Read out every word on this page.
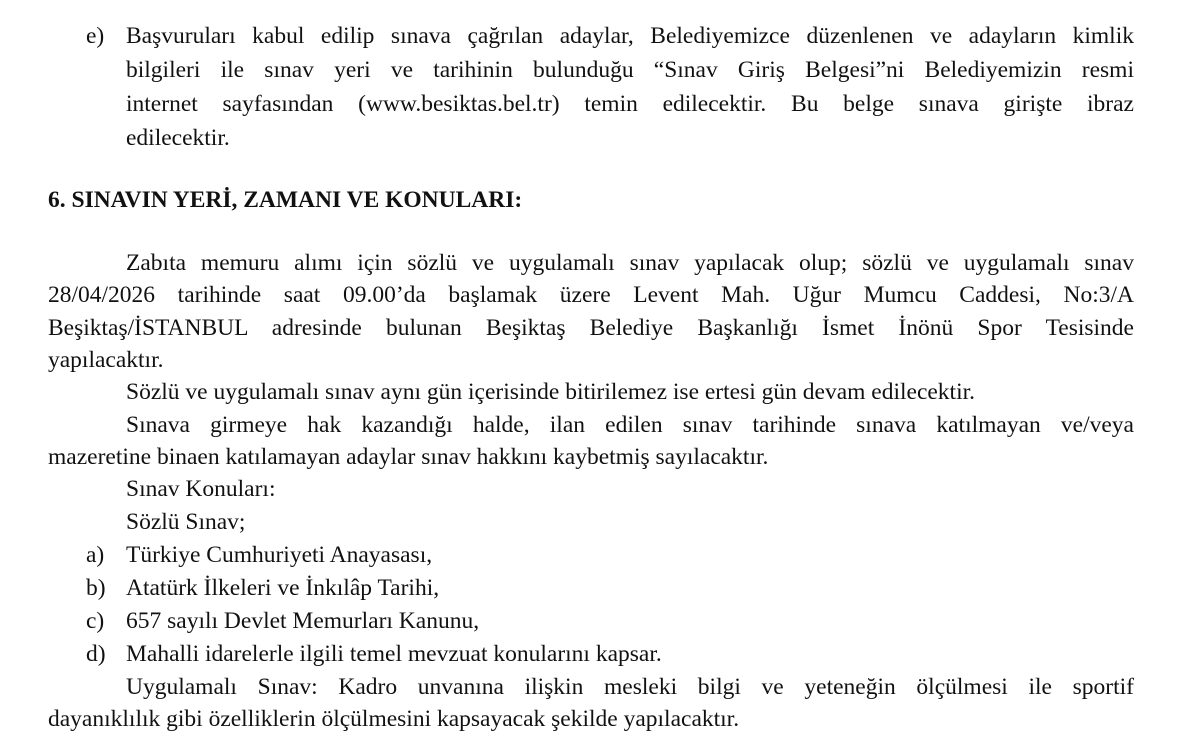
e) Başvuruları kabul edilip sınava çağrılan adaylar, Belediyemizce düzenlenen ve adayların kimlik
bilgileri ile sınav yeri ve tarihinin bulunduğu “Sınav Giriş Belgesi”ni Belediyemizin resmi
internet sayfasından (www.besiktas.bel.tr) temin edilecektir. Bu belge sınava girişte ibraz
edilecektir.
6. SINAVIN YERİ, ZAMANI VE KONULARI:
Zabıta memuru alımı için sözlü ve uygulamalı sınav yapılacak olup; sözlü ve uygulamalı sınav
28/04/2026 tarihinde saat 09.00’da başlamak üzere Levent Mah. Uğur Mumcu Caddesi, No:3/A
Beşiktaş/İSTANBUL adresinde bulunan Beşiktaş Belediye Başkanlığı İsmet İnönü Spor Tesisinde
yapılacaktır.
Sözlü ve uygulamalı sınav aynı gün içerisinde bitirilemez ise ertesi gün devam edilecektir.
Sınava girmeye hak kazandığı halde, ilan edilen sınav tarihinde sınava katılmayan ve/veya
mazeretine binaen katılamayan adaylar sınav hakkını kaybetmiş sayılacaktır.
Sınav Konuları:
Sözlü Sınav;
a) Türkiye Cumhuriyeti Anayasası,
b) Atatürk İlkeleri ve İnkılâp Tarihi,
c) 657 sayılı Devlet Memurları Kanunu,
d) Mahalli idarelerle ilgili temel mevzuat konularını kapsar.
Uygulamalı Sınav: Kadro unvanına ilişkin mesleki bilgi ve yeteneğin ölçülmesi ile sportif
dayanıklılık gibi özelliklerin ölçülmesini kapsayacak şekilde yapılacaktır.
